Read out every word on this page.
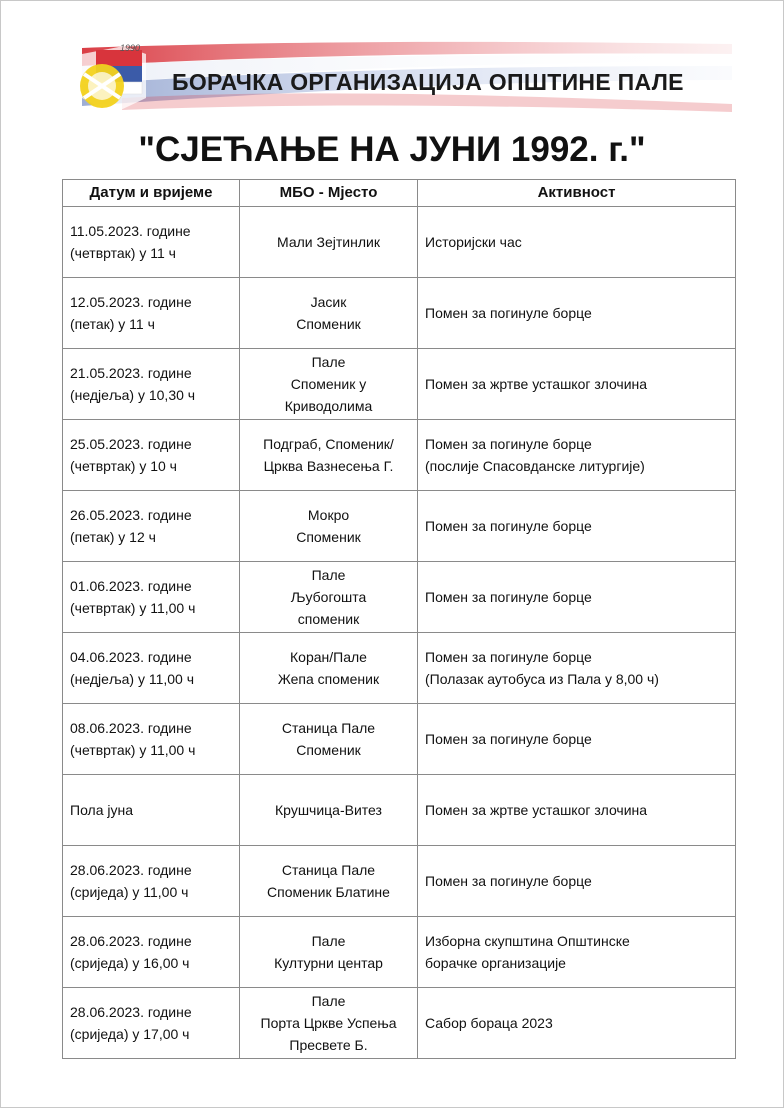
1990
БОРАЧКА ОРГАНИЗАЦИЈА ОПШТИНЕ ПАЛЕ
"СЈЕЋАЊЕ НА ЈУНИ 1992. г."
Датум и вријеме	МБО - Мјесто	Активност

11.05.2023. године
(четвртак) у 11 ч	Мали Зејтинлик	Историјски час

12.05.2023. године
(петак) у 11 ч	Јасик
Споменик	Помен за погинуле борце

21.05.2023. године
(недјеља) у 10,30 ч	Пале
Споменик у
Криводолима	Помен за жртве усташког злочина

25.05.2023. године
(четвртак) у 10 ч	Подграб, Споменик/
Црква Вазнесења Г.	Помен за погинуле борце
(послије Спасовданске литургије)

26.05.2023. године
(петак) у 12 ч	Мокро
Споменик	Помен за погинуле борце

01.06.2023. године
(четвртак) у 11,00 ч	Пале
Љубогошта
споменик	Помен за погинуле борце

04.06.2023. године
(недјеља) у 11,00 ч	Коран/Пале
Жепа споменик	Помен за погинуле борце
(Полазак аутобуса из Пала у 8,00 ч)

08.06.2023. године
(четвртак) у 11,00 ч	Станица Пале
Споменик	Помен за погинуле борце

Пола јуна	Крушчица-Витез	Помен за жртве усташког злочина

28.06.2023. године
(сриједа) у 11,00 ч	Станица Пале
Споменик Блатине	Помен за погинуле борце

28.06.2023. године
(сриједа) у 16,00 ч	Пале
Културни центар	Изборна скупштина Општинске
борачке организације

28.06.2023. године
(сриједа) у 17,00 ч	Пале
Порта Цркве Успења
Пресвете Б.	Сабор бораца 2023
